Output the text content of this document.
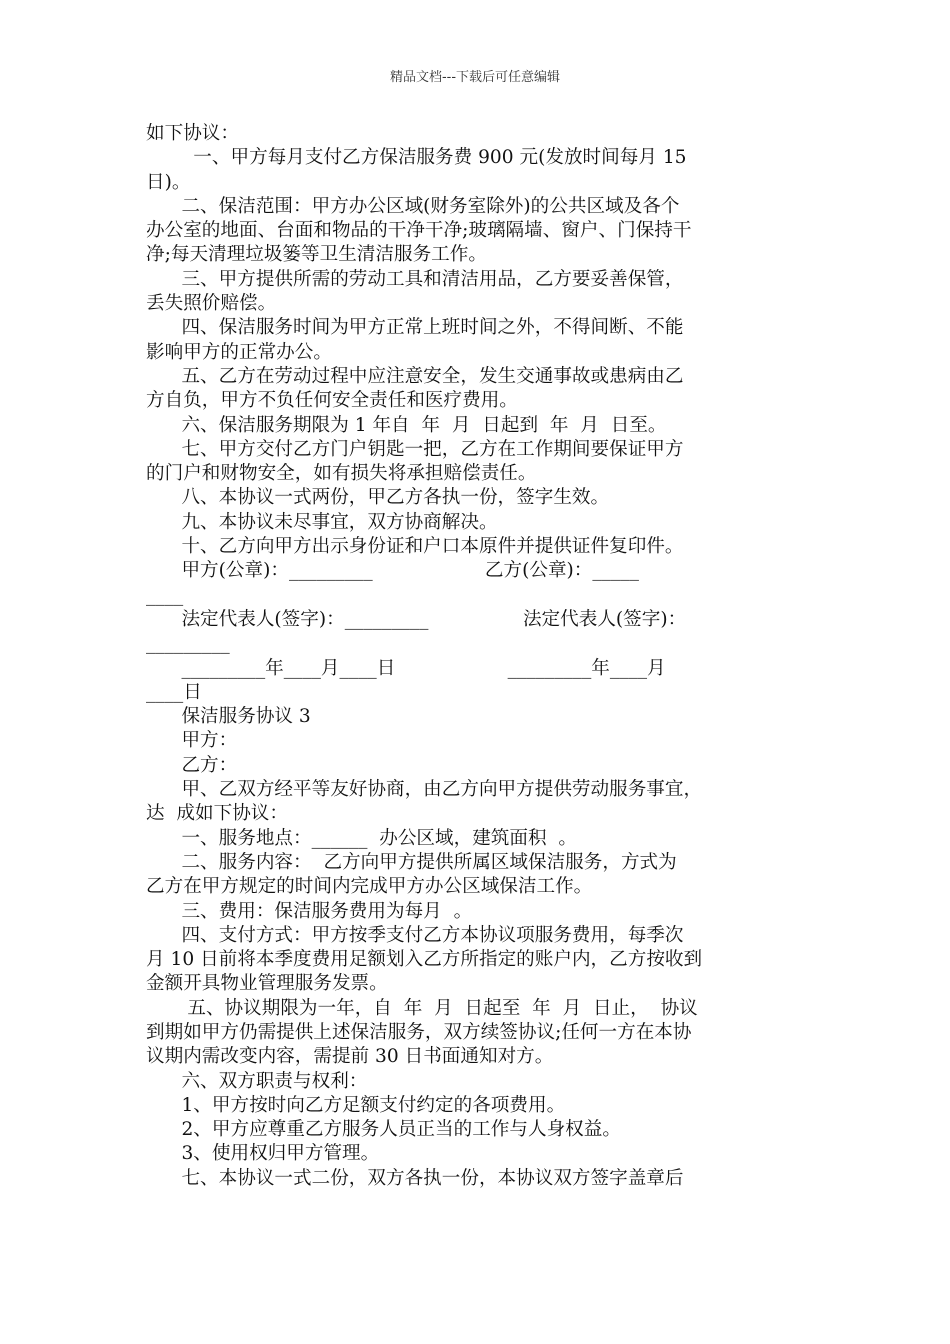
精品文档---下载后可任意编辑
如下协议：
一、甲方每月支付乙方保洁服务费 900 元(发放时间每月 15
日)。
二、保洁范围：甲方办公区域(财务室除外)的公共区域及各个
办公室的地面、台面和物品的干净干净;玻璃隔墙、窗户、门保持干
净;每天清理垃圾篓等卫生清洁服务工作。
三、甲方提供所需的劳动工具和清洁用品，乙方要妥善保管，
丢失照价赔偿。
四、保洁服务时间为甲方正常上班时间之外，不得间断、不能
影响甲方的正常办公。
五、乙方在劳动过程中应注意安全，发生交通事故或患病由乙
方自负，甲方不负任何安全责任和医疗费用。
六、保洁服务期限为 1 年自  年  月  日起到  年  月  日至。
七、甲方交付乙方门户钥匙一把，乙方在工作期间要保证甲方
的门户和财物安全，如有损失将承担赔偿责任。
八、本协议一式两份，甲乙方各执一份，签字生效。
九、本协议未尽事宜，双方协商解决。
十、乙方向甲方出示身份证和户口本原件并提供证件复印件。
甲方(公章)：_________                   乙方(公章)：_____
____
法定代表人(签字)：_________                法定代表人(签字)：
_________
_________年____月____日                   _________年____月
____日
保洁服务协议 3
甲方：
乙方：
甲、乙双方经平等友好协商，由乙方向甲方提供劳动服务事宜，
达  成如下协议：
一、服务地点：______  办公区域，建筑面积  。
二、服务内容：  乙方向甲方提供所属区域保洁服务，方式为
乙方在甲方规定的时间内完成甲方办公区域保洁工作。
三、费用：保洁服务费用为每月  。
四、支付方式：甲方按季支付乙方本协议项服务费用，每季次
月 10 日前将本季度费用足额划入乙方所指定的账户内，乙方按收到
金额开具物业管理服务发票。
五、协议期限为一年，自  年  月  日起至  年  月  日止，  协议
到期如甲方仍需提供上述保洁服务，双方续签协议;任何一方在本协
议期内需改变内容，需提前 30 日书面通知对方。
六、双方职责与权利：
1、甲方按时向乙方足额支付约定的各项费用。
2、甲方应尊重乙方服务人员正当的工作与人身权益。
3、使用权归甲方管理。
七、本协议一式二份，双方各执一份，本协议双方签字盖章后
